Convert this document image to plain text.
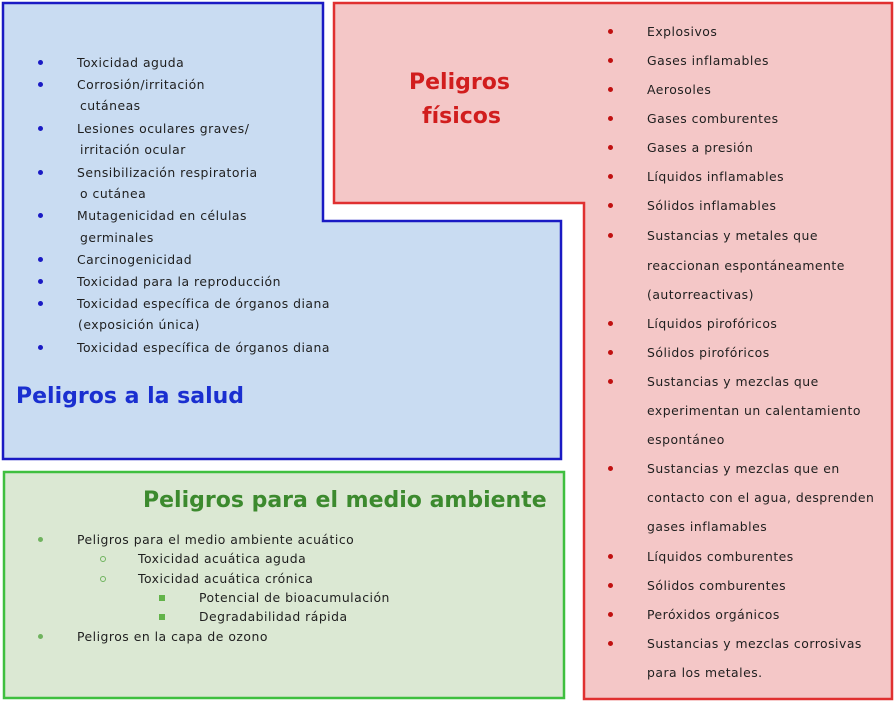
Peligros
físicos
Explosivos
Gases inflamables
Aerosoles
Gases comburentes
Gases a presión
Líquidos inflamables
Sólidos inflamables
Sustancias y metales que
reaccionan espontáneamente
(autorreactivas)
Líquidos pirofóricos
Sólidos pirofóricos
Sustancias y mezclas que
experimentan un calentamiento
espontáneo
Sustancias y mezclas que en
contacto con el agua, desprenden
gases inflamables
Líquidos comburentes
Sólidos comburentes
Peróxidos orgánicos
Sustancias y mezclas corrosivas
para los metales.
Toxicidad aguda
Corrosión/irritación
cutáneas
Lesiones oculares graves/
irritación ocular
Sensibilización respiratoria
o cutánea
Mutagenicidad en células
germinales
Carcinogenicidad
Toxicidad para la reproducción
Toxicidad específica de órganos diana
(exposición única)
Toxicidad específica de órganos diana
Peligros a la salud
Peligros para el medio ambiente
Peligros para el medio ambiente acuático
Toxicidad acuática aguda
Toxicidad acuática crónica
Potencial de bioacumulación
Degradabilidad rápida
Peligros en la capa de ozono
